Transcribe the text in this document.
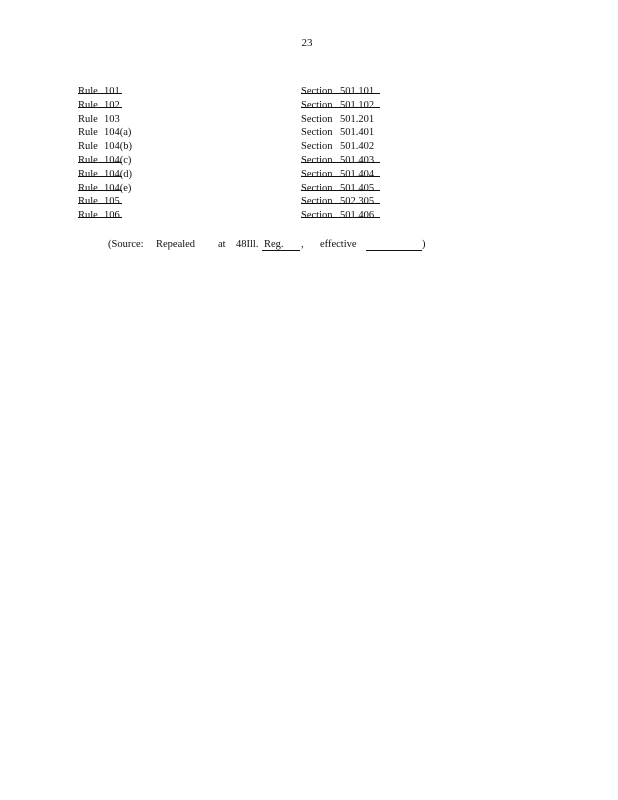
23
Rule 101	Section 501.101
Rule 102	Section 501.102
Rule 103	Section 501.201
Rule 104(a)	Section 501.401
Rule 104(b)	Section 501.402
Rule 104(c)	Section 501.403
Rule 104(d)	Section 501.404
Rule 104(e)	Section 501.405
Rule 105	Section 502.305
Rule 106	Section 501.406
(Source: Repealed at 48Ill. Reg. , effective	)
